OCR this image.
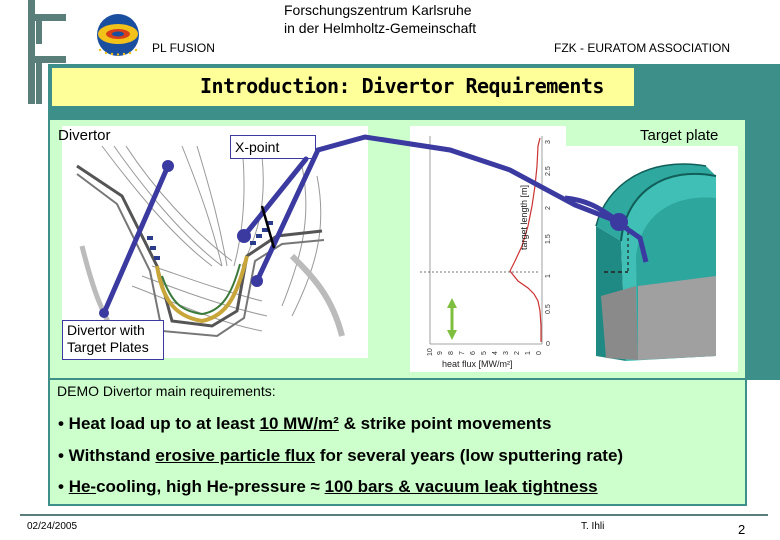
Forschungszentrum Karlsruhe
in der Helmholtz-Gemeinschaft
PL FUSION	FZK - EURATOM ASSOCIATION
Introduction: Divertor Requirements
0
0.5
1
1.5
2
2.5
3
10 9 8 7 6 5 4 3 2 1 0
target length [m]
heat flux [MW/m²]
Divertor
X-point
Target plate
Divertor with Target Plates
DEMO Divertor main requirements:
• Heat load up to at least 10 MW/m² & strike point movements
• Withstand erosive particle flux for several years (low sputtering rate)
• He-cooling, high He-pressure ≈ 100 bars & vacuum leak tightness
02/24/2005	T. Ihli	2
